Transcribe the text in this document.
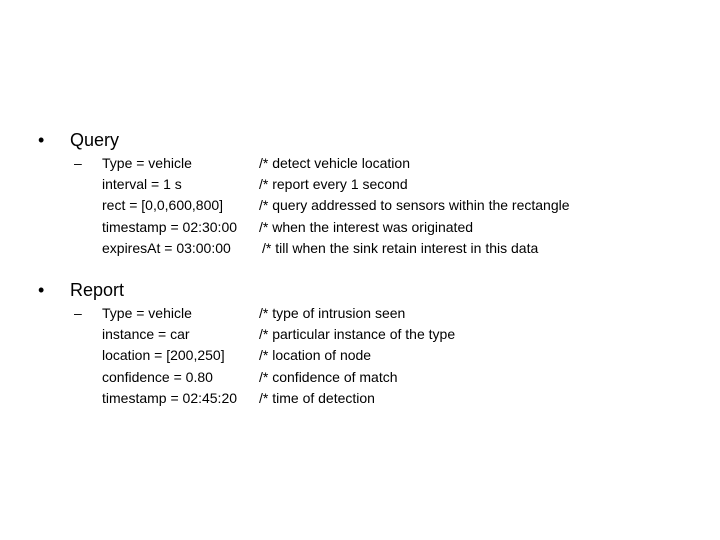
• Query
– Type = vehicle	/* detect vehicle location
interval = 1 s	/* report every 1 second
rect = [0,0,600,800]	/* query addressed to sensors within the rectangle
timestamp = 02:30:00 /* when the interest was originated
expiresAt = 03:00:00 /* till when the sink retain interest in this data
• Report
– Type = vehicle	/* type of intrusion seen
instance = car	/* particular instance of the type
location = [200,250] /* location of node
confidence = 0.80	/* confidence of match
timestamp = 02:45:20 /* time of detection
